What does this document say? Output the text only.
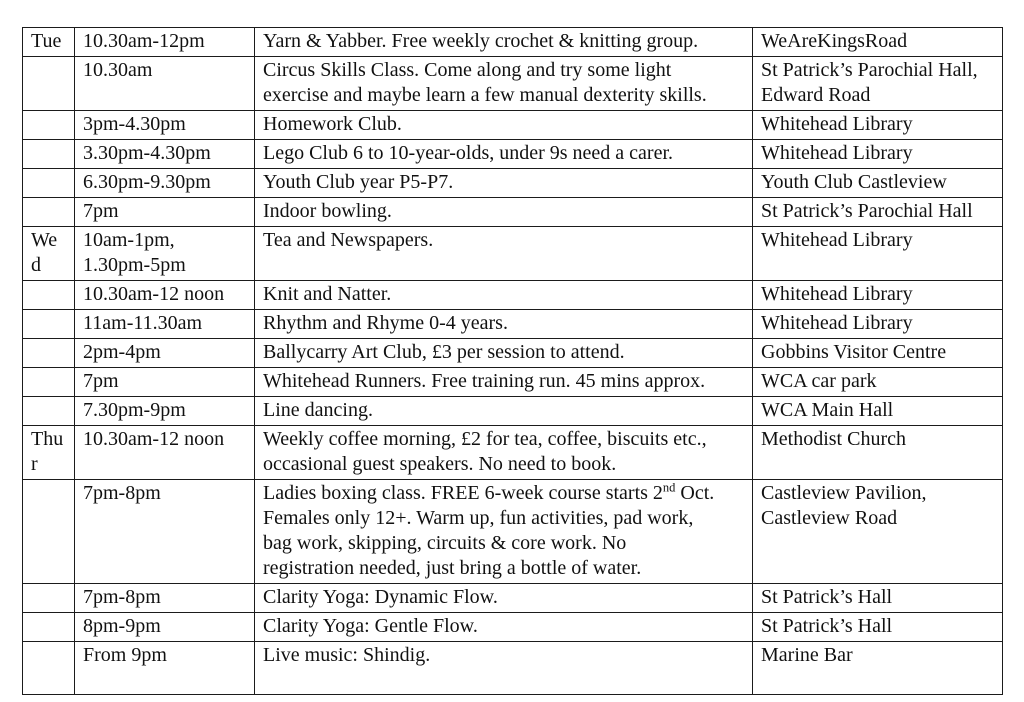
Tue	10.30am-12pm	Yarn & Yabber. Free weekly crochet & knitting group.	WeAreKingsRoad
	10.30am	Circus Skills Class. Come along and try some light
exercise and maybe learn a few manual dexterity skills.	St Patrick’s Parochial Hall,
Edward Road
	3pm-4.30pm	Homework Club.	Whitehead Library
	3.30pm-4.30pm	Lego Club 6 to 10-year-olds, under 9s need a carer.	Whitehead Library
	6.30pm-9.30pm	Youth Club year P5-P7.	Youth Club Castleview
	7pm	Indoor bowling.	St Patrick’s Parochial Hall
Wed	10am-1pm,
1.30pm-5pm	Tea and Newspapers.	Whitehead Library
	10.30am-12 noon	Knit and Natter.	Whitehead Library
	11am-11.30am	Rhythm and Rhyme 0-4 years.	Whitehead Library
	2pm-4pm	Ballycarry Art Club, £3 per session to attend.	Gobbins Visitor Centre
	7pm	Whitehead Runners. Free training run. 45 mins approx.	WCA car park
	7.30pm-9pm	Line dancing.	WCA Main Hall
Thur	10.30am-12 noon	Weekly coffee morning, £2 for tea, coffee, biscuits etc.,
occasional guest speakers. No need to book.	Methodist Church
	7pm-8pm	Ladies boxing class. FREE 6-week course starts 2nd Oct.
Females only 12+. Warm up, fun activities, pad work,
bag work, skipping, circuits & core work. No
registration needed, just bring a bottle of water.	Castleview Pavilion,
Castleview Road
	7pm-8pm	Clarity Yoga: Dynamic Flow.	St Patrick’s Hall
	8pm-9pm	Clarity Yoga: Gentle Flow.	St Patrick’s Hall
	From 9pm	Live music: Shindig.	Marine Bar
